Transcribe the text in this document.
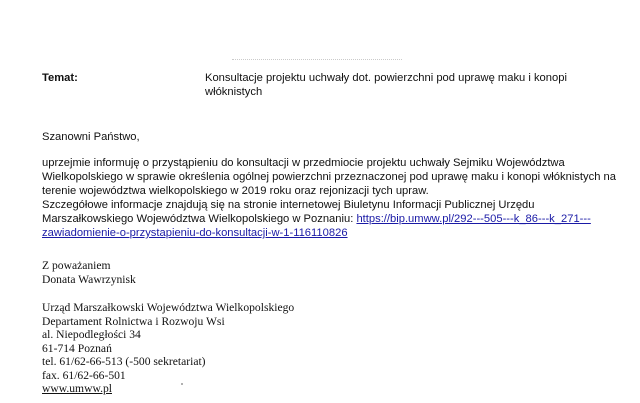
Temat:	Konsultacje projektu uchwały dot. powierzchni pod uprawę maku i konopi
włóknistych
Szanowni Państwo,
uprzejmie informuję o przystąpieniu do konsultacji w przedmiocie projektu uchwały Sejmiku Województwa
Wielkopolskiego w sprawie określenia ogólnej powierzchni przeznaczonej pod uprawę maku i konopi włóknistych na
terenie województwa wielkopolskiego w 2019 roku oraz rejonizacji tych upraw.
Szczegółowe informacje znajdują się na stronie internetowej Biuletynu Informacji Publicznej Urzędu
Marszałkowskiego Województwa Wielkopolskiego w Poznaniu: https://bip.umww.pl/292---505---k_86---k_271---
zawiadomienie-o-przystapieniu-do-konsultacji-w-1-116110826
Z poważaniem
Donata Wawrzynisk
Urząd Marszałkowski Województwa Wielkopolskiego
Departament Rolnictwa i Rozwoju Wsi
al. Niepodległości 34
61-714 Poznań
tel. 61/62-66-513 (-500 sekretariat)
fax. 61/62-66-501
www.umww.pl
